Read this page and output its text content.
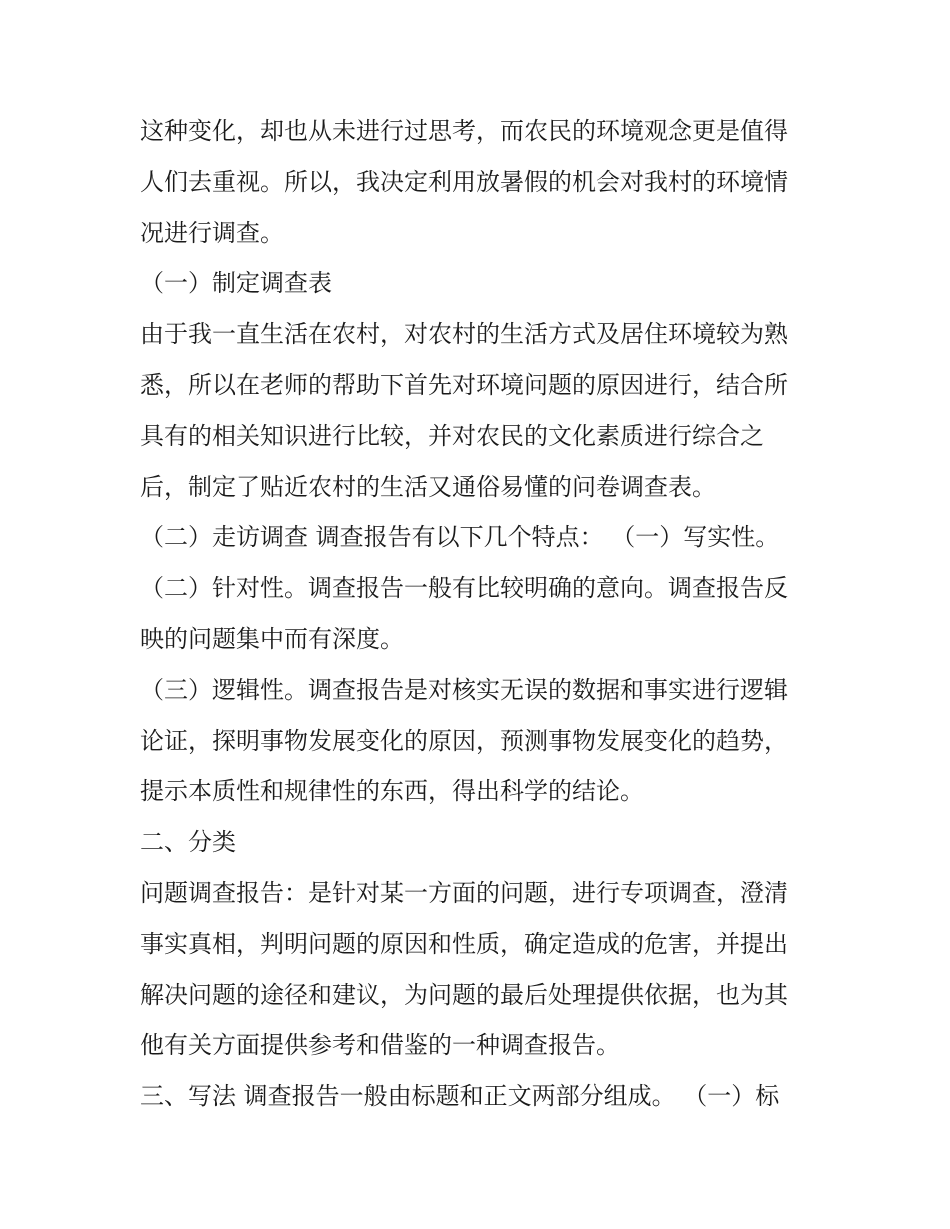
这种变化，却也从未进行过思考，而农民的环境观念更是值得
人们去重视。所以，我决定利用放暑假的机会对我村的环境情
况进行调查。
（一）制定调查表
由于我一直生活在农村，对农村的生活方式及居住环境较为熟
悉，所以在老师的帮助下首先对环境问题的原因进行，结合所
具有的相关知识进行比较，并对农民的文化素质进行综合之
后，制定了贴近农村的生活又通俗易懂的问卷调查表。
（二）走访调查 调查报告有以下几个特点： （一）写实性。
（二）针对性。调查报告一般有比较明确的意向。调查报告反
映的问题集中而有深度。
（三）逻辑性。调查报告是对核实无误的数据和事实进行逻辑
论证，探明事物发展变化的原因，预测事物发展变化的趋势，
提示本质性和规律性的东西，得出科学的结论。
二、分类
问题调查报告：是针对某一方面的问题，进行专项调查，澄清
事实真相，判明问题的原因和性质，确定造成的危害，并提出
解决问题的途径和建议，为问题的最后处理提供依据，也为其
他有关方面提供参考和借鉴的一种调查报告。
三、写法 调查报告一般由标题和正文两部分组成。 （一）标
